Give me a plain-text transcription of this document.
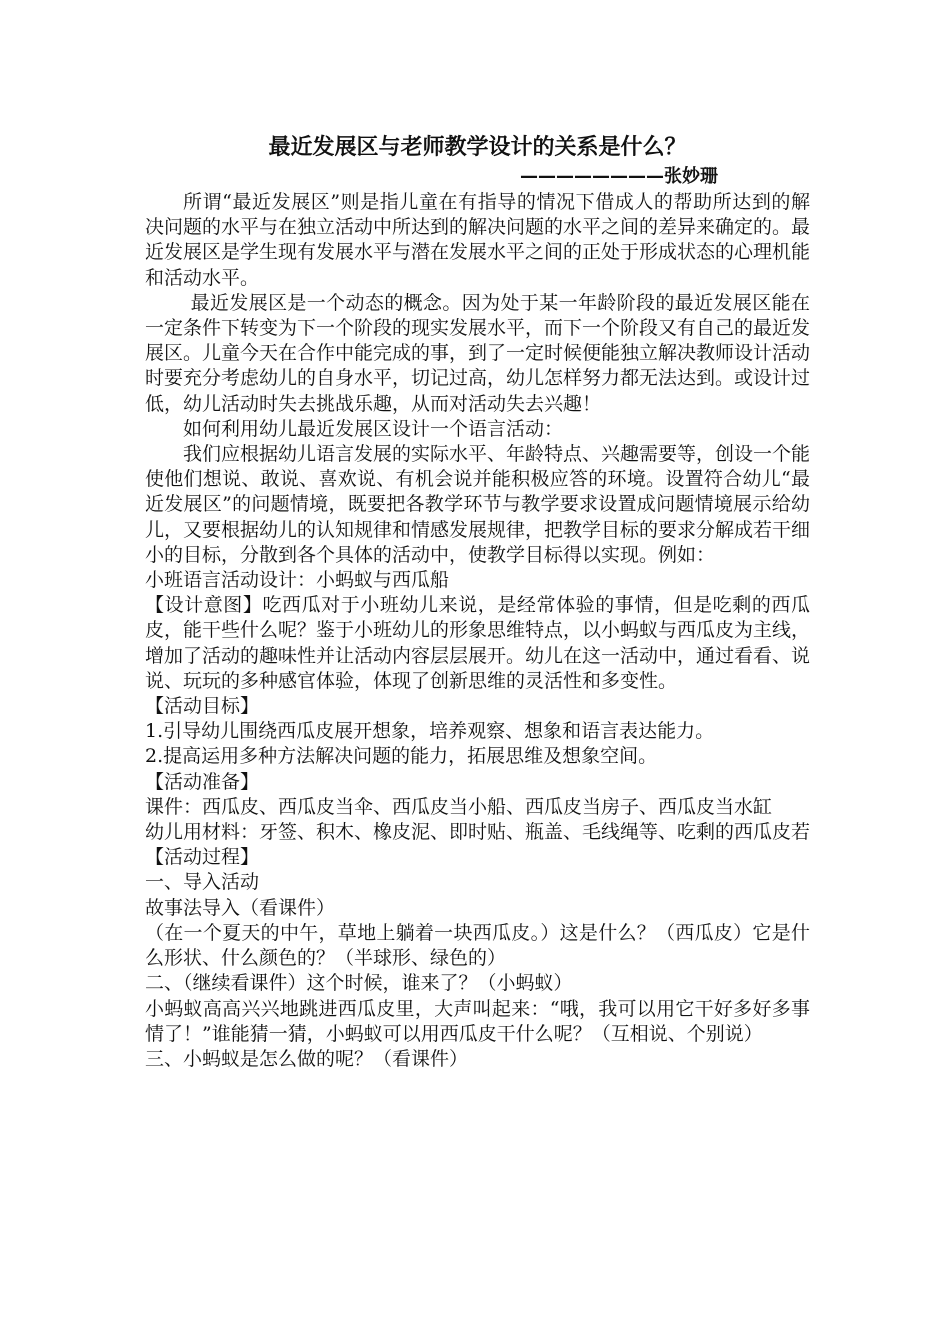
最近发展区与老师教学设计的关系是什么？
————————张妙珊

所谓“最近发展区”则是指儿童在有指导的情况下借成人的帮助所达到的解决问题的水平与在独立活动中所达到的解决问题的水平之间的差异来确定的。最近发展区是学生现有发展水平与潜在发展水平之间的正处于形成状态的心理机能和活动水平。

最近发展区是一个动态的概念。因为处于某一年龄阶段的最近发展区能在一定条件下转变为下一个阶段的现实发展水平，而下一个阶段又有自己的最近发展区。儿童今天在合作中能完成的事，到了一定时候便能独立解决教师设计活动时要充分考虑幼儿的自身水平，切记过高，幼儿怎样努力都无法达到。或设计过低，幼儿活动时失去挑战乐趣，从而对活动失去兴趣！

如何利用幼儿最近发展区设计一个语言活动：

我们应根据幼儿语言发展的实际水平、年龄特点、兴趣需要等，创设一个能使他们想说、敢说、喜欢说、有机会说并能积极应答的环境。设置符合幼儿“最近发展区”的问题情境，既要把各教学环节与教学要求设置成问题情境展示给幼儿，又要根据幼儿的认知规律和情感发展规律，把教学目标的要求分解成若干细小的目标，分散到各个具体的活动中，使教学目标得以实现。例如：

小班语言活动设计：小蚂蚁与西瓜船

【设计意图】吃西瓜对于小班幼儿来说，是经常体验的事情，但是吃剩的西瓜皮，能干些什么呢？鉴于小班幼儿的形象思维特点，以小蚂蚁与西瓜皮为主线，增加了活动的趣味性并让活动内容层层展开。幼儿在这一活动中，通过看看、说说、玩玩的多种感官体验，体现了创新思维的灵活性和多变性。

【活动目标】

1.引导幼儿围绕西瓜皮展开想象，培养观察、想象和语言表达能力。

2.提高运用多种方法解决问题的能力，拓展思维及想象空间。

【活动准备】

课件：西瓜皮、西瓜皮当伞、西瓜皮当小船、西瓜皮当房子、西瓜皮当水缸

幼儿用材料：牙签、积木、橡皮泥、即时贴、瓶盖、毛线绳等、吃剩的西瓜皮若

【活动过程】

一、导入活动

故事法导入（看课件）

（在一个夏天的中午，草地上躺着一块西瓜皮。）这是什么？（西瓜皮）它是什么形状、什么颜色的？（半球形、绿色的）

二、（继续看课件）这个时候，谁来了？（小蚂蚁）

小蚂蚁高高兴兴地跳进西瓜皮里，大声叫起来：“哦，我可以用它干好多好多事情了！”谁能猜一猜，小蚂蚁可以用西瓜皮干什么呢？（互相说、个别说）

三、小蚂蚁是怎么做的呢？（看课件）
